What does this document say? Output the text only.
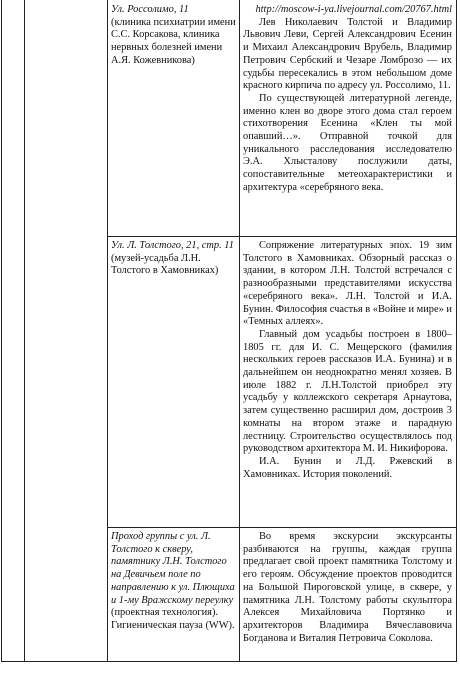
Ул. Россолимо, 11

(клиника психиатрии имени С.С. Корсакова, клиника нервных болезней имени А.Я. Кожевникова)

http://moscow-i-ya.livejournal.com/20767.html

Лев Николаевич Толстой и Владимир Львович Леви, Сергей Александрович Есенин и Михаил Александрович Врубель, Владимир Петрович Сербский и Чезаре Ломброзо — их судьбы пересекались в этом небольшом доме красного кирпича по адресу ул. Россолимо, 11.

По существующей литературной легенде, именно клен во дворе этого дома стал героем стихотворения Есенина «Клен ты мой опавший…». Отправной точкой для уникального расследования исследователю Э.А. Хлысталову послужили даты, сопоставительные метеохарактеристики и архитектура «серебряного века.

Ул. Л. Толстого, 21, стр. 11 (музей-усадьба Л.Н. Толстого в Хамовниках)

Сопряжение литературных эпох. 19 зим Толстого в Хамовниках. Обзорный рассказ о здании, в котором Л.Н. Толстой встречался с разнообразными представителями искусства «серебряного века». Л.Н. Толстой и И.А. Бунин. Философия счастья в «Войне и мире» и «Темных аллеях».

Главный дом усадьбы построен в 1800–1805 гг. для И. С. Мещерского (фамилия нескольких героев рассказов И.А. Бунина) и в дальнейшем он неоднократно менял хозяев. В июле 1882 г. Л.Н.Толстой приобрел эту усадьбу у коллежского секретаря Арнаутова, затем существенно расширил дом, достроив 3 комнаты на втором этаже и парадную лестницу. Строительство осуществлялось под руководством архитектора М. И. Никифорова.

И.А. Бунин и Л.Д. Ржевский в Хамовниках. История поколений.

Проход группы с ул. Л. Толстого к скверу, памятнику Л.Н. Толстого на Девичьем поле по направлению к ул. Плющиха и 1-му Вражскому переулку (проектная технология). Гигиеническая пауза (WW).

Во время экскурсии экскурсанты разбиваются на группы, каждая группа предлагает свой проект памятника Толстому и его героям. Обсуждение проектов проводится на Большой Пироговской улице, в скверe, у памятника Л.Н. Толстому работы скульптора Алексея Михайловича Портянко и архитекторов Владимира Вячеславовича Богданова и Виталия Петровича Соколова.
